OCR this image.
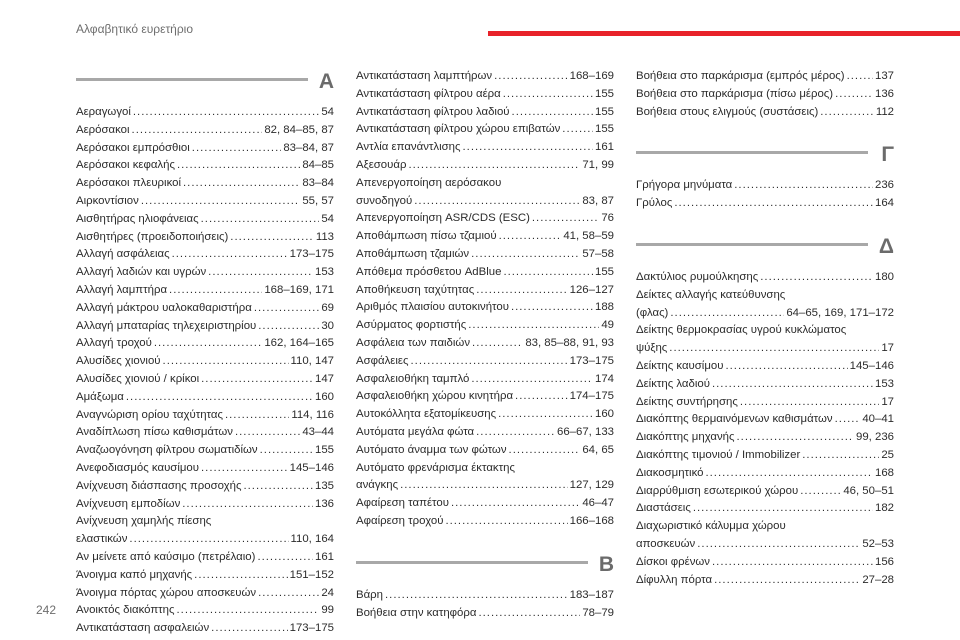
Αλφαβητικό ευρετήριο
A
Αεραγωγοί .....	54
Αερόσακοι .....	82, 84–85, 87
Αερόσακοι εμπρόσθιοι .....	83–84, 87
Αερόσακοι κεφαλής .....	84–85
Αερόσακοι πλευρικοί .....	83–84
Αιρκοντίσιον .....	55, 57
Αισθητήρας ηλιοφάνειας .....	54
Αισθητήρες (προειδοποιήσεις) .....	113
Αλλαγή ασφάλειας .....	173–175
Αλλαγή λαδιών και υγρών .....	153
Αλλαγή λαμπτήρα .....	168–169, 171
Αλλαγή μάκτρου υαλοκαθαριστήρα .....	69
Αλλαγή μπαταρίας τηλεχειριστηρίου .....	30
Αλλαγή τροχού .....	162, 164–165
Αλυσίδες χιονιού .....	110, 147
Αλυσίδες χιονιού / κρίκοι .....	147
Αμάξωμα .....	160
Αναγνώριση ορίου ταχύτητας .....	114, 116
Αναδίπλωση πίσω καθισμάτων .....	43–44
Αναζωογόνηση φίλτρου σωματιδίων .....	155
Ανεφοδιασμός καυσίμου .....	145–146
Ανίχνευση διάσπασης προσοχής .....	135
Ανίχνευση εμποδίων .....	136
Ανίχνευση χαμηλής πίεσης
ελαστικών .....	110, 164
Αν μείνετε από καύσιμο (πετρέλαιο) .....	161
Άνοιγμα καπό μηχανής .....	151–152
Άνοιγμα πόρτας χώρου αποσκευών .....	24
Ανοικτός διακόπτης .....	99
Αντικατάσταση ασφαλειών .....	173–175
Αντικατάσταση λαμπτήρων .....	168–169
Αντικατάσταση φίλτρου αέρα .....	155
Αντικατάσταση φίλτρου λαδιού .....	155
Αντικατάσταση φίλτρου χώρου επιβατών .....	155
Αντλία επανάντλισης .....	161
Αξεσουάρ .....	71, 99
Απενεργοποίηση αερόσακου
συνοδηγού .....	83, 87
Απενεργοποίηση ASR/CDS (ESC) .....	76
Αποθάμπωση πίσω τζαμιού .....	41, 58–59
Αποθάμπωση τζαμιών .....	57–58
Απόθεμα πρόσθετου AdBlue .....	155
Αποθήκευση ταχύτητας .....	126–127
Αριθμός πλαισίου αυτοκινήτου .....	188
Ασύρματος φορτιστής .....	49
Ασφάλεια των παιδιών .....	83, 85–88, 91, 93
Ασφάλειες .....	173–175
Ασφαλειοθήκη ταμπλό .....	174
Ασφαλειοθήκη χώρου κινητήρα .....	174–175
Αυτοκόλλητα εξατομίκευσης .....	160
Αυτόματα μεγάλα φώτα .....	66–67, 133
Αυτόματο άναμμα των φώτων .....	64, 65
Αυτόματο φρενάρισμα έκτακτης
ανάγκης .....	127, 129
Αφαίρεση ταπέτου .....	46–47
Αφαίρεση τροχού .....	166–168
B
Βάρη .....	183–187
Βοήθεια στην κατηφόρα .....	78–79
Βοήθεια στο παρκάρισμα (εμπρός μέρος) .....	137
Βοήθεια στο παρκάρισμα (πίσω μέρος) .....	136
Βοήθεια στους ελιγμούς (συστάσεις) .....	112
Γ
Γρήγορα μηνύματα .....	236
Γρύλος .....	164
Δ
Δακτύλιος ρυμούλκησης .....	180
Δείκτες αλλαγής κατεύθυνσης
(φλας) .....	64–65, 169, 171–172
Δείκτης θερμοκρασίας υγρού κυκλώματος
ψύξης .....	17
Δείκτης καυσίμου .....	145–146
Δείκτης λαδιού .....	153
Δείκτης συντήρησης .....	17
Διακόπτης θερμαινόμενων καθισμάτων .....	40–41
Διακόπτης μηχανής .....	99, 236
Διακόπτης τιμονιού / Immobilizer .....	25
Διακοσμητικό .....	168
Διαρρύθμιση εσωτερικού χώρου .....	46, 50–51
Διαστάσεις .....	182
Διαχωριστικό κάλυμμα χώρου
αποσκευών .....	52–53
Δίσκοι φρένων .....	156
Δίφυλλη πόρτα .....	27–28
242
